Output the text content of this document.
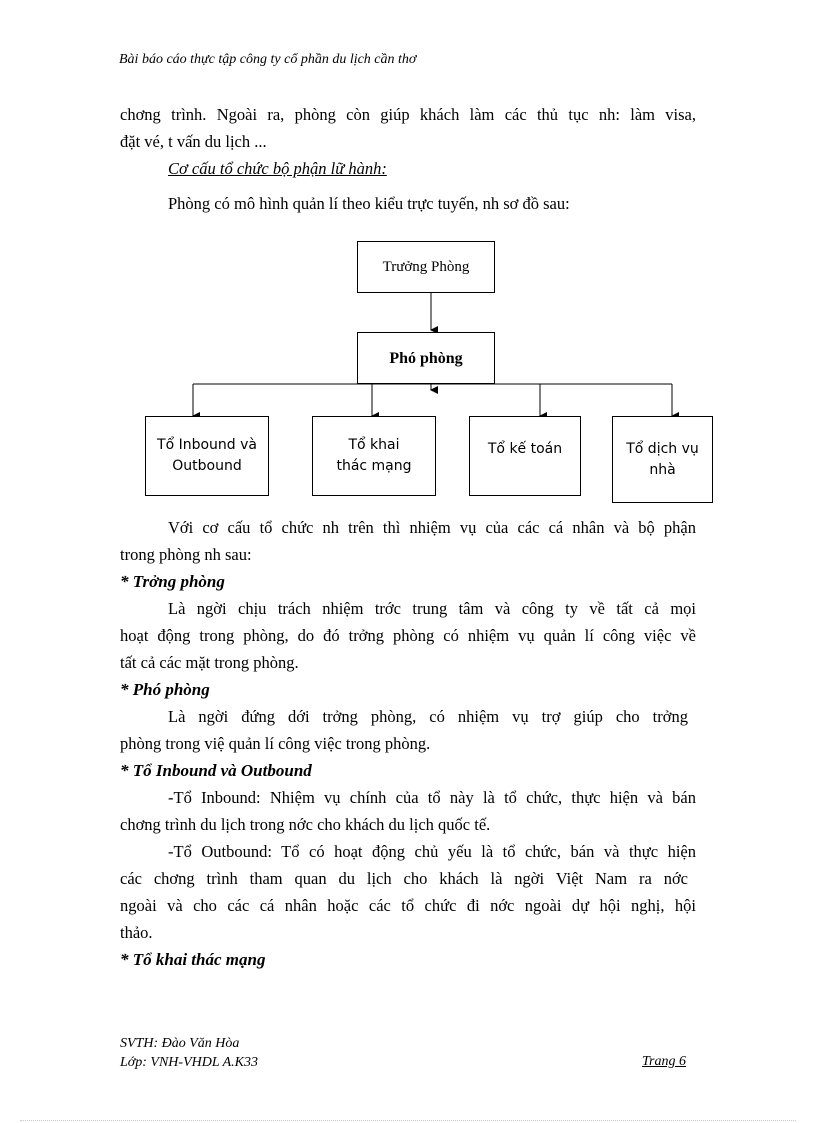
Bài báo cáo thực tập công ty cổ phần du lịch cần thơ
chơng trình. Ngoài ra, phòng còn giúp khách làm các thủ tục nh: làm visa,
đặt vé, t vấn du lịch ...
Cơ cấu tổ chức bộ phận lữ hành:
Phòng có mô hình quản lí theo kiểu trực tuyến, nh sơ đồ sau:
Trưởng Phòng
Phó phòng
Tổ Inbound và
Outbound
Tổ khai
thác mạng
Tổ kế toán	Tổ dịch vụ
nhà
Với cơ cấu tổ chức nh trên thì nhiệm vụ của các cá nhân và bộ phận
trong phòng nh sau:
* Trởng phòng
Là ngời chịu trách nhiệm trớc trung tâm và công ty về tất cả mọi
hoạt động trong phòng, do đó trởng phòng có nhiệm vụ quản lí công việc về
tất cả các mặt trong phòng.
* Phó phòng
Là ngời đứng dới trởng phòng, có nhiệm vụ trợ giúp cho trởng
phòng trong việ quản lí công việc trong phòng.
* Tổ Inbound và Outbound
-Tổ Inbound: Nhiệm vụ chính của tổ này là tổ chức, thực hiện và bán
chơng trình du lịch trong nớc cho khách du lịch quốc tế.
-Tổ Outbound: Tổ có hoạt động chủ yếu là tổ chức, bán và thực hiện
các chơng trình tham quan du lịch cho khách là ngời Việt Nam ra nớc
ngoài và cho các cá nhân hoặc các tổ chức đi nớc ngoài dự hội nghị, hội
thảo.
* Tổ khai thác mạng
SVTH: Đào Văn Hòa
Lớp: VNH-VHDL A.K33	Trang 6
